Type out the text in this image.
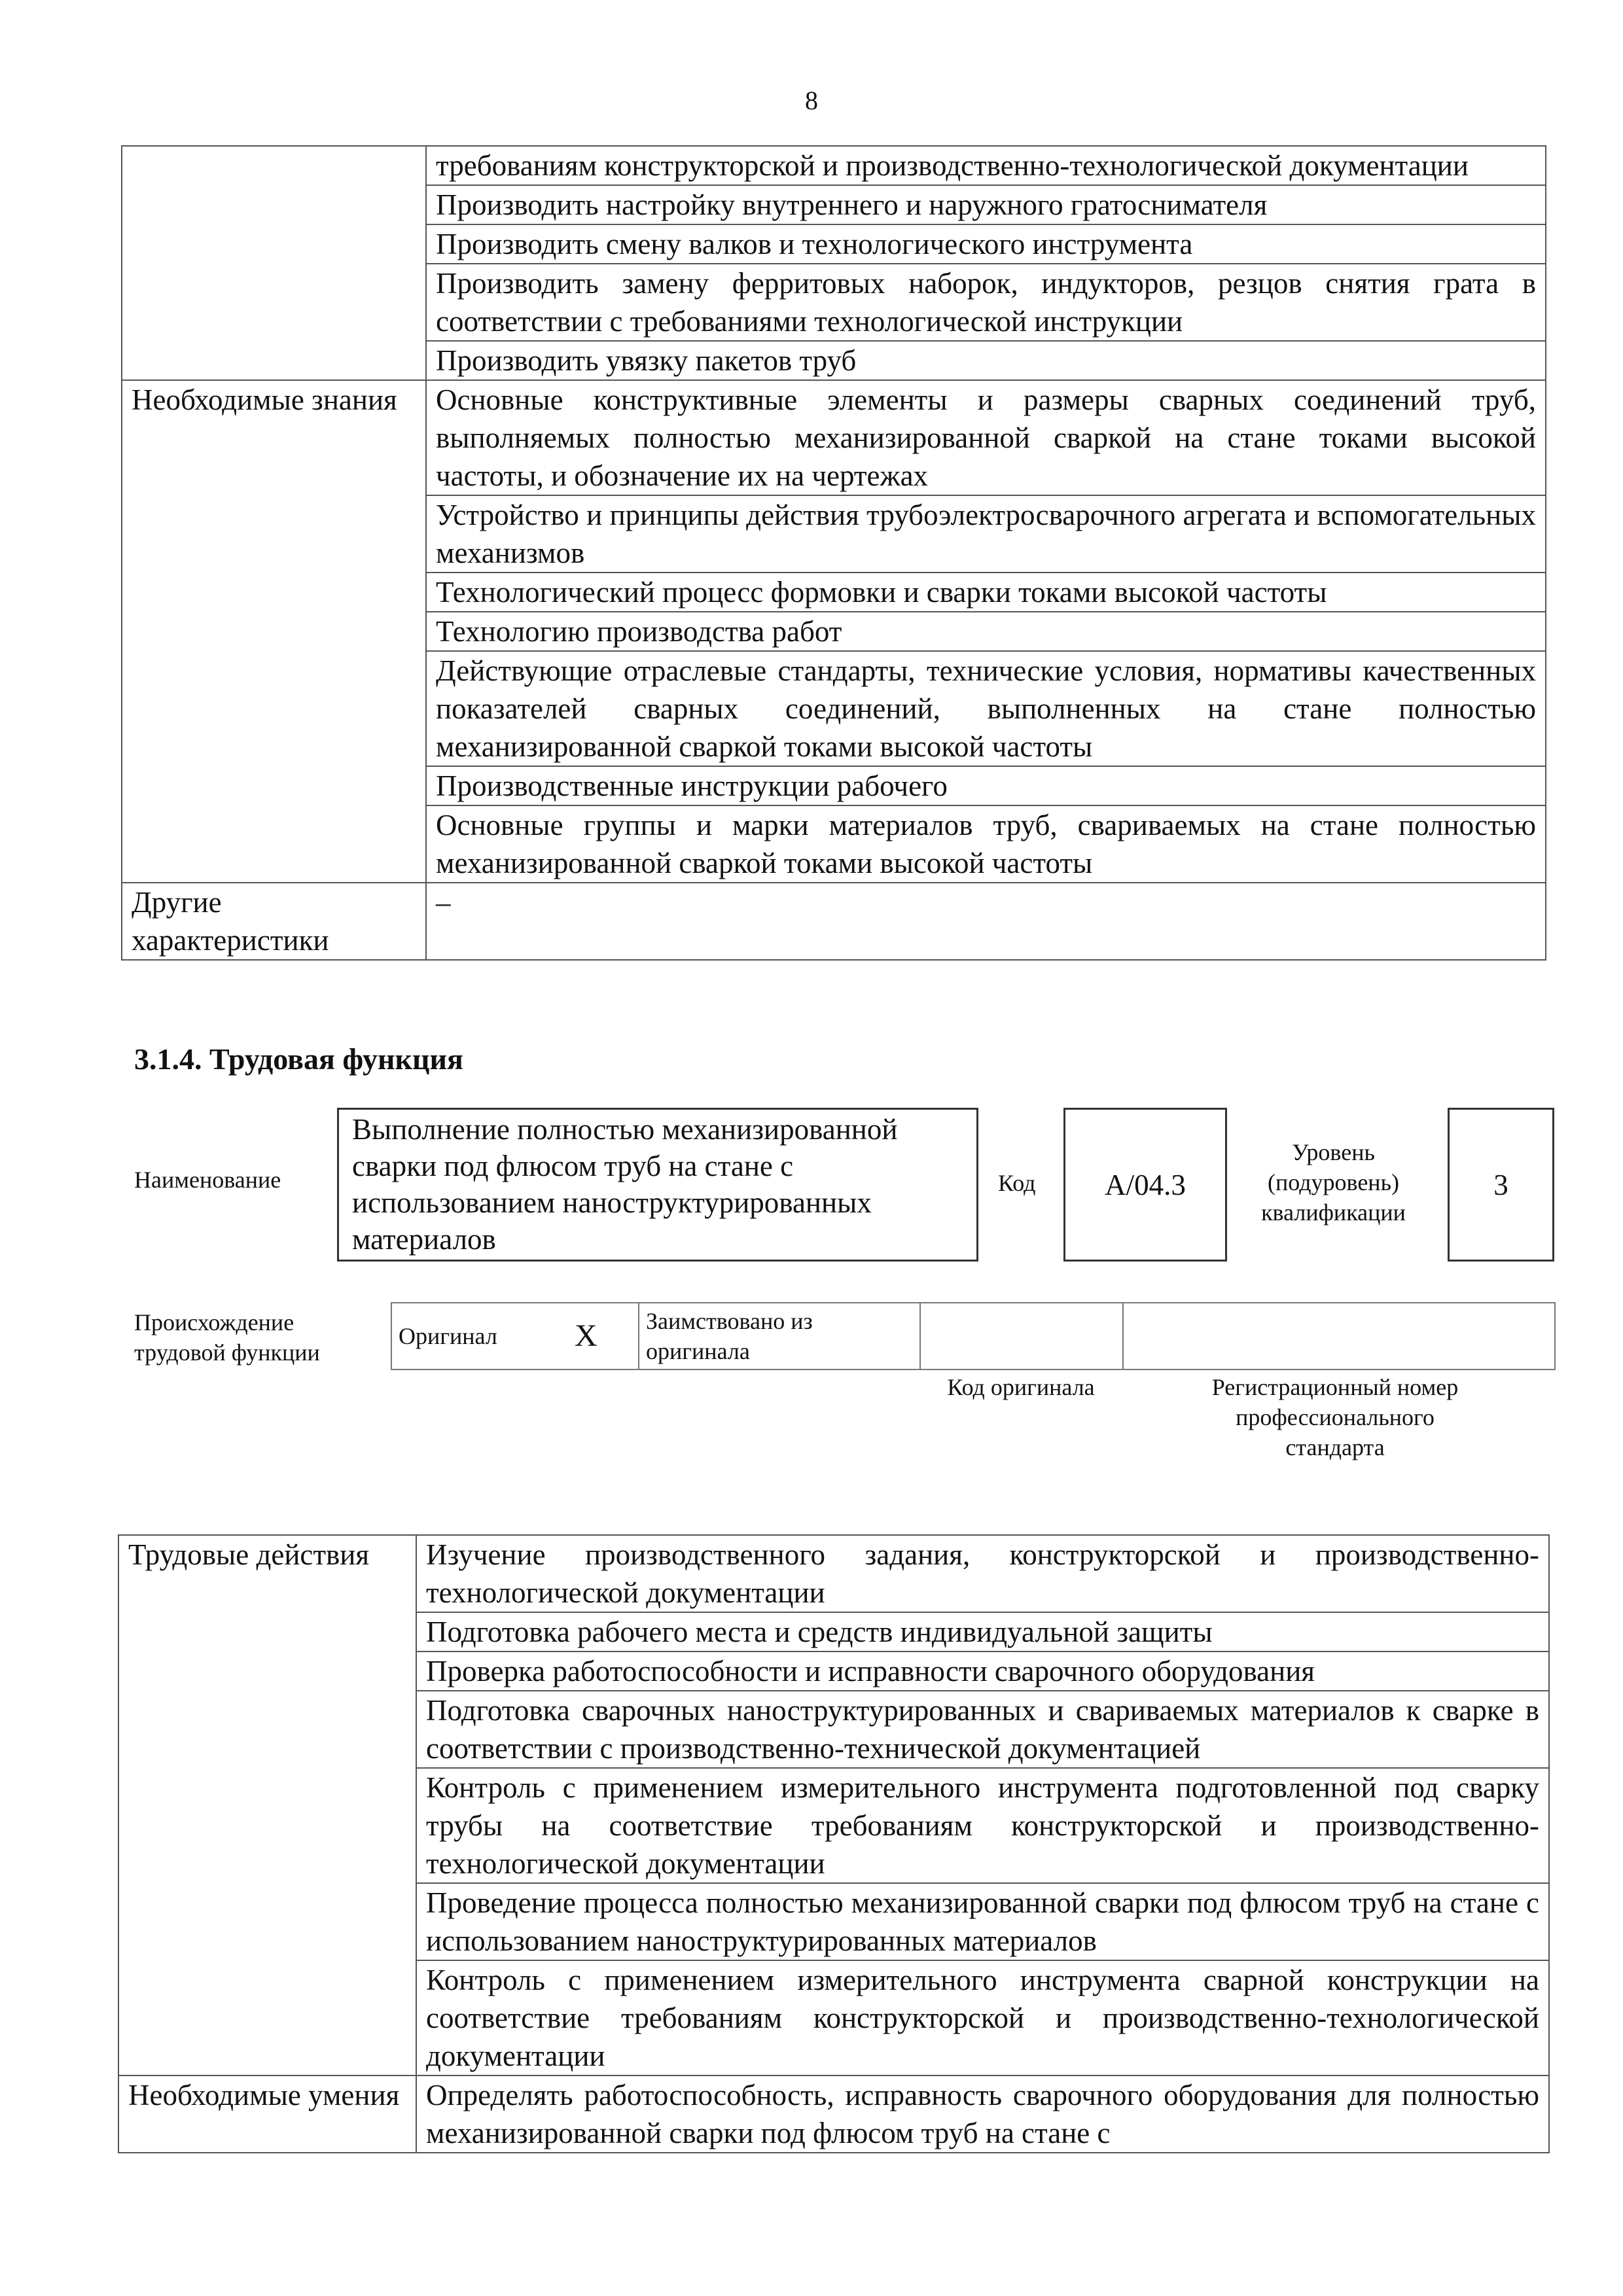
8
	требованиям конструкторской и производственно-технологической документации
	Производить настройку внутреннего и наружного гратоснимателя
	Производить смену валков и технологического инструмента
	Производить замену ферритовых наборок, индукторов, резцов снятия грата в соответствии с требованиями технологической инструкции
	Производить увязку пакетов труб
Необходимые знания	Основные конструктивные элементы и размеры сварных соединений труб, выполняемых полностью механизированной сваркой на стане токами высокой частоты, и обозначение их на чертежах
	Устройство и принципы действия трубоэлектросварочного агрегата и вспомогательных механизмов
	Технологический процесс формовки и сварки токами высокой частоты
	Технологию производства работ
	Действующие отраслевые стандарты, технические условия, нормативы качественных показателей сварных соединений, выполненных на стане полностью механизированной сваркой токами высокой частоты
	Производственные инструкции рабочего
	Основные группы и марки материалов труб, свариваемых на стане полностью механизированной сваркой токами высокой частоты
Другие характеристики	–
3.1.4. Трудовая функция
Наименование
Выполнение полностью механизированной сварки под флюсом труб на стане с использованием наноструктурированных материалов
Код А/04.3
Уровень (подуровень) квалификации
3
Происхождение трудовой функции
Оригинал	X	Заимствовано из оригинала		
Код оригинала	Регистрационный номер профессионального стандарта
Трудовые действия	Изучение производственного задания, конструкторской и производственно-технологической документации
	Подготовка рабочего места и средств индивидуальной защиты
	Проверка работоспособности и исправности сварочного оборудования
	Подготовка сварочных наноструктурированных и свариваемых материалов к сварке в соответствии с производственно-технической документацией
	Контроль с применением измерительного инструмента подготовленной под сварку трубы на соответствие требованиям конструкторской и производственно-технологической документации
	Проведение процесса полностью механизированной сварки под флюсом труб на стане с использованием наноструктурированных материалов
	Контроль с применением измерительного инструмента сварной конструкции на соответствие требованиям конструкторской и производственно-технологической документации
Необходимые умения	Определять работоспособность, исправность сварочного оборудования для полностью механизированной сварки под флюсом труб на стане с
